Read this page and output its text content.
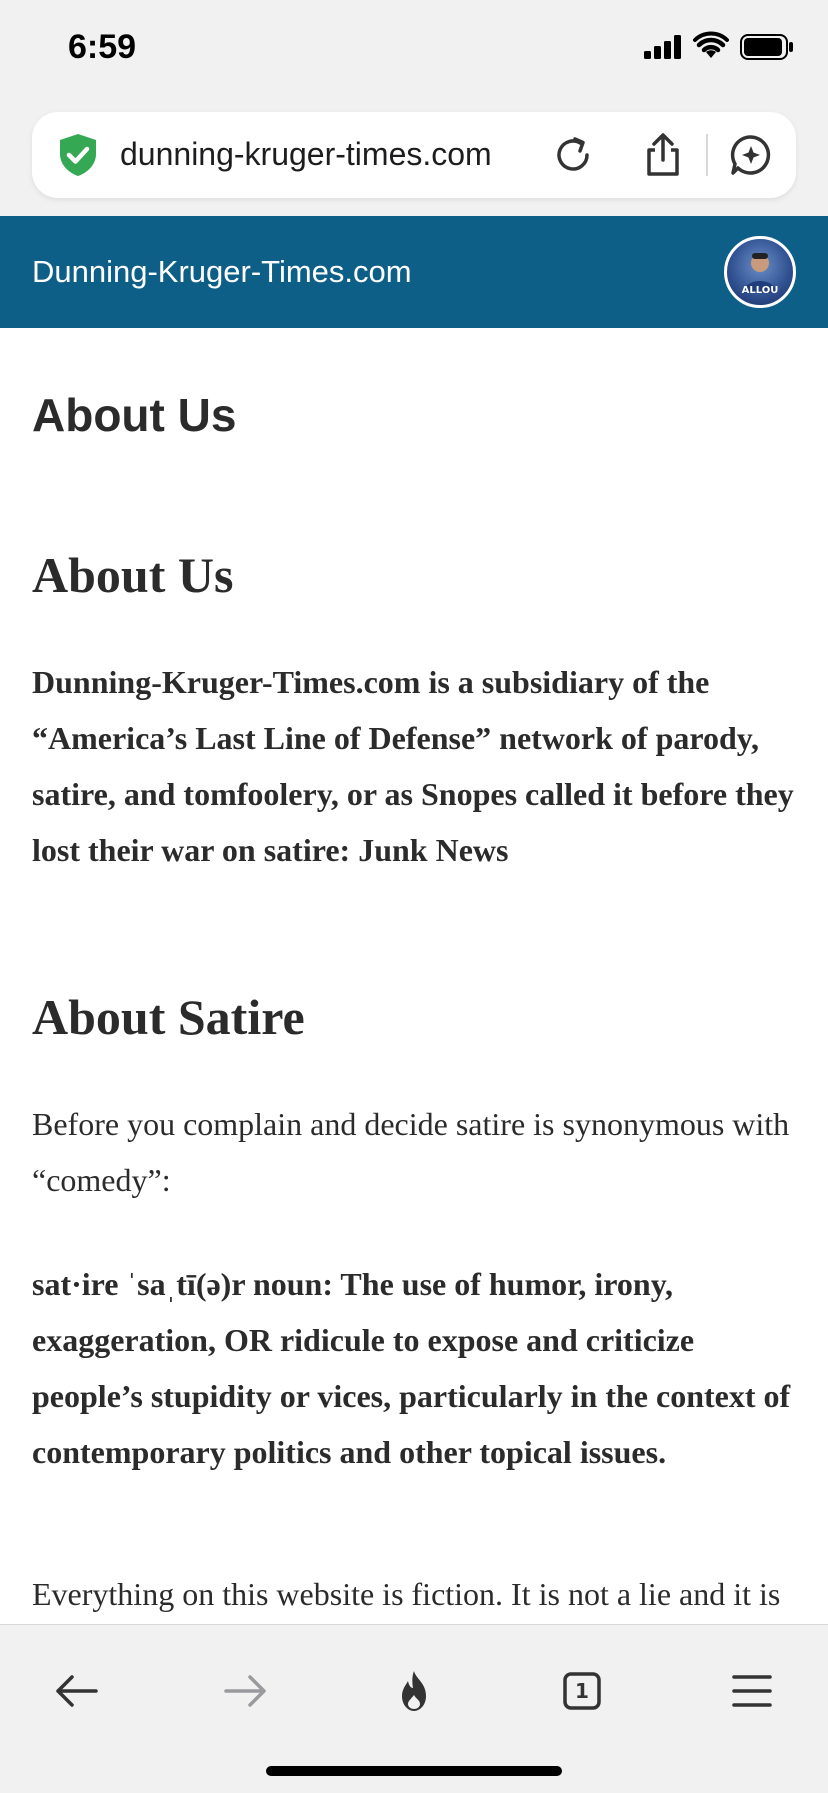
6:59
dunning-kruger-times.com
Dunning-Kruger-Times.com
ALLOU
About Us
About Us
Dunning-Kruger-Times.com is a subsidiary of the “America’s Last Line of Defense” network of parody, satire, and tomfoolery, or as Snopes called it before they lost their war on satire: Junk News
About Satire
Before you complain and decide satire is synonymous with “comedy”:
sat·ire ˈsaˌtī(ə)r noun: The use of humor, irony, exaggeration, OR ridicule to expose and criticize people’s stupidity or vices, particularly in the context of contemporary politics and other topical issues.
Everything on this website is fiction. It is not a lie and it is
1
